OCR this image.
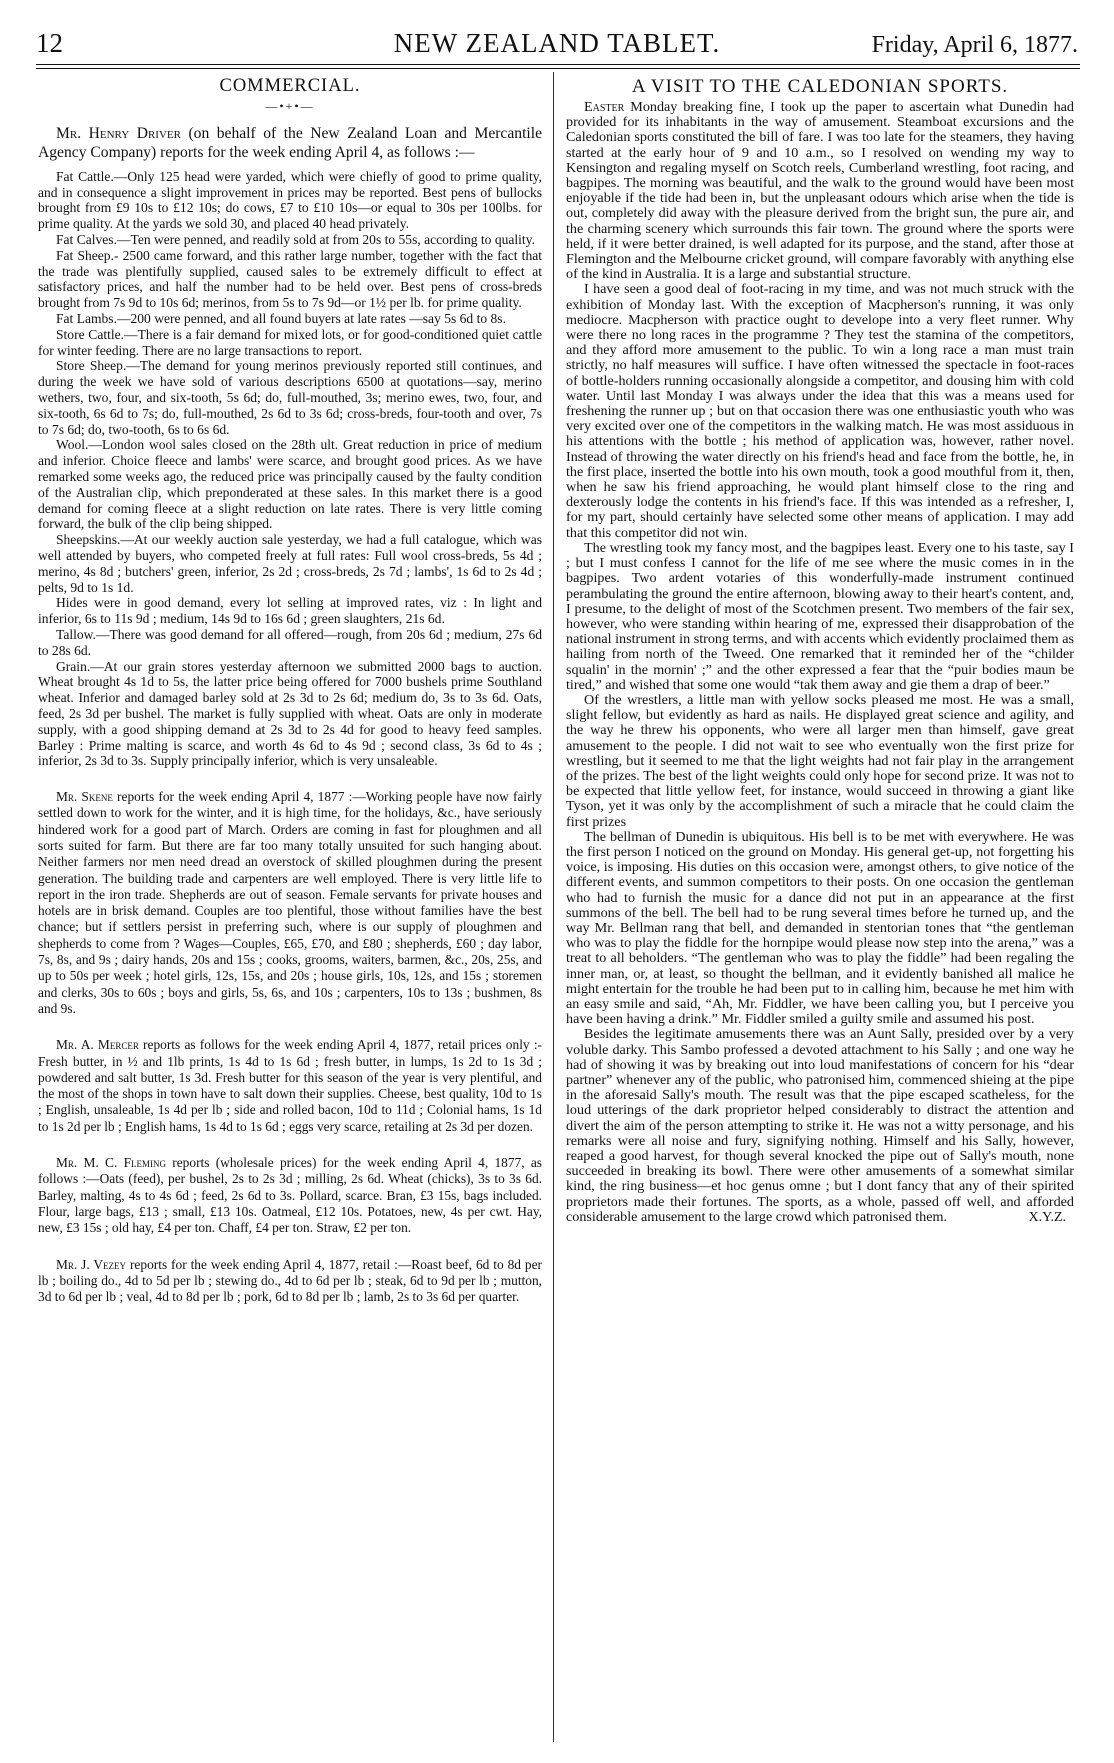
12	NEW ZEALAND TABLET.	Friday, April 6, 1877.
COMMERCIAL.
—•+•—

Mr. Henry Driver (on behalf of the New Zealand Loan and Mercantile Agency Company) reports for the week ending April 4, as follows :—

Fat Cattle.—Only 125 head were yarded, which were chiefly of good to prime quality, and in consequence a slight improvement in prices may be reported. Best pens of bullocks brought from £9 10s to £12 10s; do cows, £7 to £10 10s—or equal to 30s per 100lbs. for prime quality. At the yards we sold 30, and placed 40 head privately.

Fat Calves.—Ten were penned, and readily sold at from 20s to 55s, according to quality.

Fat Sheep.- 2500 came forward, and this rather large number, together with the fact that the trade was plentifully supplied, caused sales to be extremely difficult to effect at satisfactory prices, and half the number had to be held over. Best pens of cross-breds brought from 7s 9d to 10s 6d; merinos, from 5s to 7s 9d—or 1½ per lb. for prime quality.

Fat Lambs.—200 were penned, and all found buyers at late rates —say 5s 6d to 8s.

Store Cattle.—There is a fair demand for mixed lots, or for good-conditioned quiet cattle for winter feeding. There are no large transactions to report.

Store Sheep.—The demand for young merinos previously reported still continues, and during the week we have sold of various descriptions 6500 at quotations—say, merino wethers, two, four, and six-tooth, 5s 6d; do, full-mouthed, 3s; merino ewes, two, four, and six-tooth, 6s 6d to 7s; do, full-mouthed, 2s 6d to 3s 6d; cross-breds, four-tooth and over, 7s to 7s 6d; do, two-tooth, 6s to 6s 6d.

Wool.—London wool sales closed on the 28th ult. Great reduction in price of medium and inferior. Choice fleece and lambs' were scarce, and brought good prices. As we have remarked some weeks ago, the reduced price was principally caused by the faulty condition of the Australian clip, which preponderated at these sales. In this market there is a good demand for coming fleece at a slight reduction on late rates. There is very little coming forward, the bulk of the clip being shipped.

Sheepskins.—At our weekly auction sale yesterday, we had a full catalogue, which was well attended by buyers, who competed freely at full rates: Full wool cross-breds, 5s 4d ; merino, 4s 8d ; butchers' green, inferior, 2s 2d ; cross-breds, 2s 7d ; lambs', 1s 6d to 2s 4d ; pelts, 9d to 1s 1d.

Hides were in good demand, every lot selling at improved rates, viz : In light and inferior, 6s to 11s 9d ; medium, 14s 9d to 16s 6d ; green slaughters, 21s 6d.

Tallow.—There was good demand for all offered—rough, from 20s 6d ; medium, 27s 6d to 28s 6d.

Grain.—At our grain stores yesterday afternoon we submitted 2000 bags to auction. Wheat brought 4s 1d to 5s, the latter price being offered for 7000 bushels prime Southland wheat. Inferior and damaged barley sold at 2s 3d to 2s 6d; medium do, 3s to 3s 6d. Oats, feed, 2s 3d per bushel. The market is fully supplied with wheat. Oats are only in moderate supply, with a good shipping demand at 2s 3d to 2s 4d for good to heavy feed samples. Barley : Prime malting is scarce, and worth 4s 6d to 4s 9d ; second class, 3s 6d to 4s ; inferior, 2s 3d to 3s. Supply principally inferior, which is very unsaleable.

Mr. Skene reports for the week ending April 4, 1877 :—Working people have now fairly settled down to work for the winter, and it is high time, for the holidays, &c., have seriously hindered work for a good part of March. Orders are coming in fast for ploughmen and all sorts suited for farm. But there are far too many totally unsuited for such hanging about. Neither farmers nor men need dread an overstock of skilled ploughmen during the present generation. The building trade and carpenters are well employed. There is very little life to report in the iron trade. Shepherds are out of season. Female servants for private houses and hotels are in brisk demand. Couples are too plentiful, those without families have the best chance; but if settlers persist in preferring such, where is our supply of ploughmen and shepherds to come from ? Wages—Couples, £65, £70, and £80 ; shepherds, £60 ; day labor, 7s, 8s, and 9s ; dairy hands, 20s and 15s ; cooks, grooms, waiters, barmen, &c., 20s, 25s, and up to 50s per week ; hotel girls, 12s, 15s, and 20s ; house girls, 10s, 12s, and 15s ; storemen and clerks, 30s to 60s ; boys and girls, 5s, 6s, and 10s ; carpenters, 10s to 13s ; bushmen, 8s and 9s.

Mr. A. Mercer reports as follows for the week ending April 4, 1877, retail prices only :- Fresh butter, in ½ and 1lb prints, 1s 4d to 1s 6d ; fresh butter, in lumps, 1s 2d to 1s 3d ; powdered and salt butter, 1s 3d. Fresh butter for this season of the year is very plentiful, and the most of the shops in town have to salt down their supplies. Cheese, best quality, 10d to 1s ; English, unsaleable, 1s 4d per lb ; side and rolled bacon, 10d to 11d ; Colonial hams, 1s 1d to 1s 2d per lb ; English hams, 1s 4d to 1s 6d ; eggs very scarce, retailing at 2s 3d per dozen.

Mr. M. C. Fleming reports (wholesale prices) for the week ending April 4, 1877, as follows :—Oats (feed), per bushel, 2s to 2s 3d ; milling, 2s 6d. Wheat (chicks), 3s to 3s 6d. Barley, malting, 4s to 4s 6d ; feed, 2s 6d to 3s. Pollard, scarce. Bran, £3 15s, bags included. Flour, large bags, £13 ; small, £13 10s. Oatmeal, £12 10s. Potatoes, new, 4s per cwt. Hay, new, £3 15s ; old hay, £4 per ton. Chaff, £4 per ton. Straw, £2 per ton.

Mr. J. Vezey reports for the week ending April 4, 1877, retail :—Roast beef, 6d to 8d per lb ; boiling do., 4d to 5d per lb ; stewing do., 4d to 6d per lb ; steak, 6d to 9d per lb ; mutton, 3d to 6d per lb ; veal, 4d to 8d per lb ; pork, 6d to 8d per lb ; lamb, 2s to 3s 6d per quarter.

A VISIT TO THE CALEDONIAN SPORTS.

Easter Monday breaking fine, I took up the paper to ascertain what Dunedin had provided for its inhabitants in the way of amusement. Steamboat excursions and the Caledonian sports constituted the bill of fare. I was too late for the steamers, they having started at the early hour of 9 and 10 a.m., so I resolved on wending my way to Kensington and regaling myself on Scotch reels, Cumberland wrestling, foot racing, and bagpipes. The morning was beautiful, and the walk to the ground would have been most enjoyable if the tide had been in, but the unpleasant odours which arise when the tide is out, completely did away with the pleasure derived from the bright sun, the pure air, and the charming scenery which surrounds this fair town. The ground where the sports were held, if it were better drained, is well adapted for its purpose, and the stand, after those at Flemington and the Melbourne cricket ground, will compare favorably with anything else of the kind in Australia. It is a large and substantial structure.

I have seen a good deal of foot-racing in my time, and was not much struck with the exhibition of Monday last. With the exception of Macpherson's running, it was only mediocre. Macpherson with practice ought to develope into a very fleet runner. Why were there no long races in the programme ? They test the stamina of the competitors, and they afford more amusement to the public. To win a long race a man must train strictly, no half measures will suffice. I have often witnessed the spectacle in foot-races of bottle-holders running occasionally alongside a competitor, and dousing him with cold water. Until last Monday I was always under the idea that this was a means used for freshening the runner up ; but on that occasion there was one enthusiastic youth who was very excited over one of the competitors in the walking match. He was most assiduous in his attentions with the bottle ; his method of application was, however, rather novel. Instead of throwing the water directly on his friend's head and face from the bottle, he, in the first place, inserted the bottle into his own mouth, took a good mouthful from it, then, when he saw his friend approaching, he would plant himself close to the ring and dexterously lodge the contents in his friend's face. If this was intended as a refresher, I, for my part, should certainly have selected some other means of application. I may add that this competitor did not win.

The wrestling took my fancy most, and the bagpipes least. Every one to his taste, say I ; but I must confess I cannot for the life of me see where the music comes in in the bagpipes. Two ardent votaries of this wonderfully-made instrument continued perambulating the ground the entire afternoon, blowing away to their heart's content, and, I presume, to the delight of most of the Scotchmen present. Two members of the fair sex, however, who were standing within hearing of me, expressed their disapprobation of the national instrument in strong terms, and with accents which evidently proclaimed them as hailing from north of the Tweed. One remarked that it reminded her of the “childer squalin' in the mornin' ;” and the other expressed a fear that the “puir bodies maun be tired,” and wished that some one would “tak them away and gie them a drap of beer.”

Of the wrestlers, a little man with yellow socks pleased me most. He was a small, slight fellow, but evidently as hard as nails. He displayed great science and agility, and the way he threw his opponents, who were all larger men than himself, gave great amusement to the people. I did not wait to see who eventually won the first prize for wrestling, but it seemed to me that the light weights had not fair play in the arrangement of the prizes. The best of the light weights could only hope for second prize. It was not to be expected that little yellow feet, for instance, would succeed in throwing a giant like Tyson, yet it was only by the accomplishment of such a miracle that he could claim the first prizes

The bellman of Dunedin is ubiquitous. His bell is to be met with everywhere. He was the first person I noticed on the ground on Monday. His general get-up, not forgetting his voice, is imposing. His duties on this occasion were, amongst others, to give notice of the different events, and summon competitors to their posts. On one occasion the gentleman who had to furnish the music for a dance did not put in an appearance at the first summons of the bell. The bell had to be rung several times before he turned up, and the way Mr. Bellman rang that bell, and demanded in stentorian tones that “the gentleman who was to play the fiddle for the hornpipe would please now step into the arena,” was a treat to all beholders. “The gentleman who was to play the fiddle” had been regaling the inner man, or, at least, so thought the bellman, and it evidently banished all malice he might entertain for the trouble he had been put to in calling him, because he met him with an easy smile and said, “Ah, Mr. Fiddler, we have been calling you, but I perceive you have been having a drink.” Mr. Fiddler smiled a guilty smile and assumed his post.

Besides the legitimate amusements there was an Aunt Sally, presided over by a very voluble darky. This Sambo professed a devoted attachment to his Sally ; and one way he had of showing it was by breaking out into loud manifestations of concern for his “dear partner” whenever any of the public, who patronised him, commenced shieing at the pipe in the aforesaid Sally's mouth. The result was that the pipe escaped scatheless, for the loud utterings of the dark proprietor helped considerably to distract the attention and divert the aim of the person attempting to strike it. He was not a witty personage, and his remarks were all noise and fury, signifying nothing. Himself and his Sally, however, reaped a good harvest, for though several knocked the pipe out of Sally's mouth, none succeeded in breaking its bowl. There were other amusements of a somewhat similar kind, the ring business—et hoc genus omne ; but I dont fancy that any of their spirited proprietors made their fortunes. The sports, as a whole, passed off well, and afforded considerable amusement to the large crowd which patronised them.	X.Y.Z.
